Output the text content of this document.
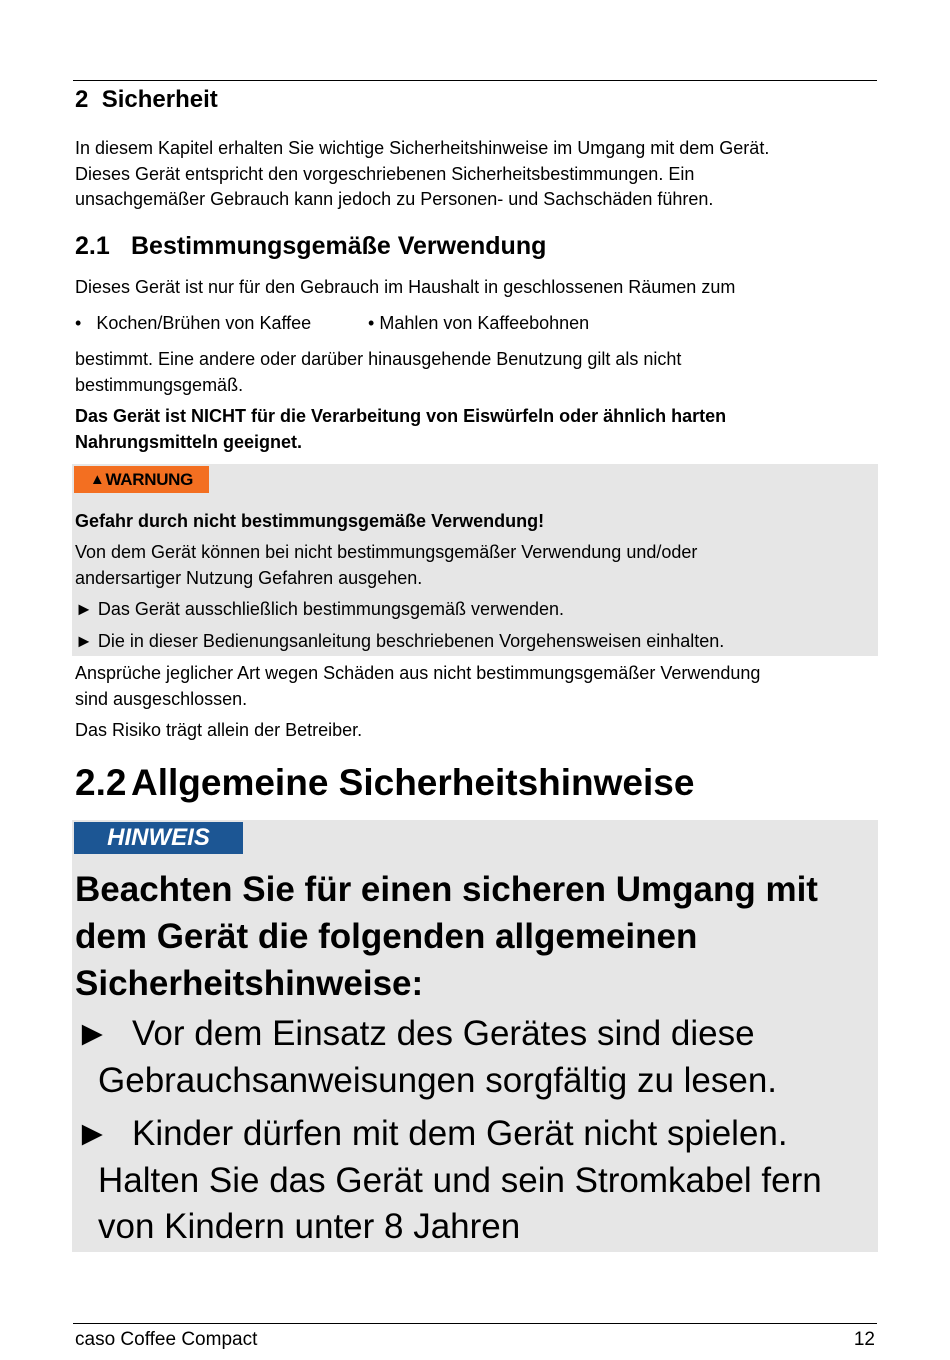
2 Sicherheit
In diesem Kapitel erhalten Sie wichtige Sicherheitshinweise im Umgang mit dem Gerät.
Dieses Gerät entspricht den vorgeschriebenen Sicherheitsbestimmungen. Ein
unsachgemäßer Gebrauch kann jedoch zu Personen- und Sachschäden führen.
2.1 Bestimmungsgemäße Verwendung
Dieses Gerät ist nur für den Gebrauch im Haushalt in geschlossenen Räumen zum
• Kochen/Brühen von Kaffee	• Mahlen von Kaffeebohnen
bestimmt. Eine andere oder darüber hinausgehende Benutzung gilt als nicht
bestimmungsgemäß.
Das Gerät ist NICHT für die Verarbeitung von Eiswürfeln oder ähnlich harten
Nahrungsmitteln geeignet.
▲ WARNUNG
Gefahr durch nicht bestimmungsgemäße Verwendung!
Von dem Gerät können bei nicht bestimmungsgemäßer Verwendung und/oder
andersartiger Nutzung Gefahren ausgehen.
► Das Gerät ausschließlich bestimmungsgemäß verwenden.
► Die in dieser Bedienungsanleitung beschriebenen Vorgehensweisen einhalten.
Ansprüche jeglicher Art wegen Schäden aus nicht bestimmungsgemäßer Verwendung
sind ausgeschlossen.
Das Risiko trägt allein der Betreiber.
2.2 Allgemeine Sicherheitshinweise
HINWEIS
Beachten Sie für einen sicheren Umgang mit
dem Gerät die folgenden allgemeinen
Sicherheitshinweise:
► Vor dem Einsatz des Gerätes sind diese
Gebrauchsanweisungen sorgfältig zu lesen.
► Kinder dürfen mit dem Gerät nicht spielen.
Halten Sie das Gerät und sein Stromkabel fern
von Kindern unter 8 Jahren
caso Coffee Compact	12
